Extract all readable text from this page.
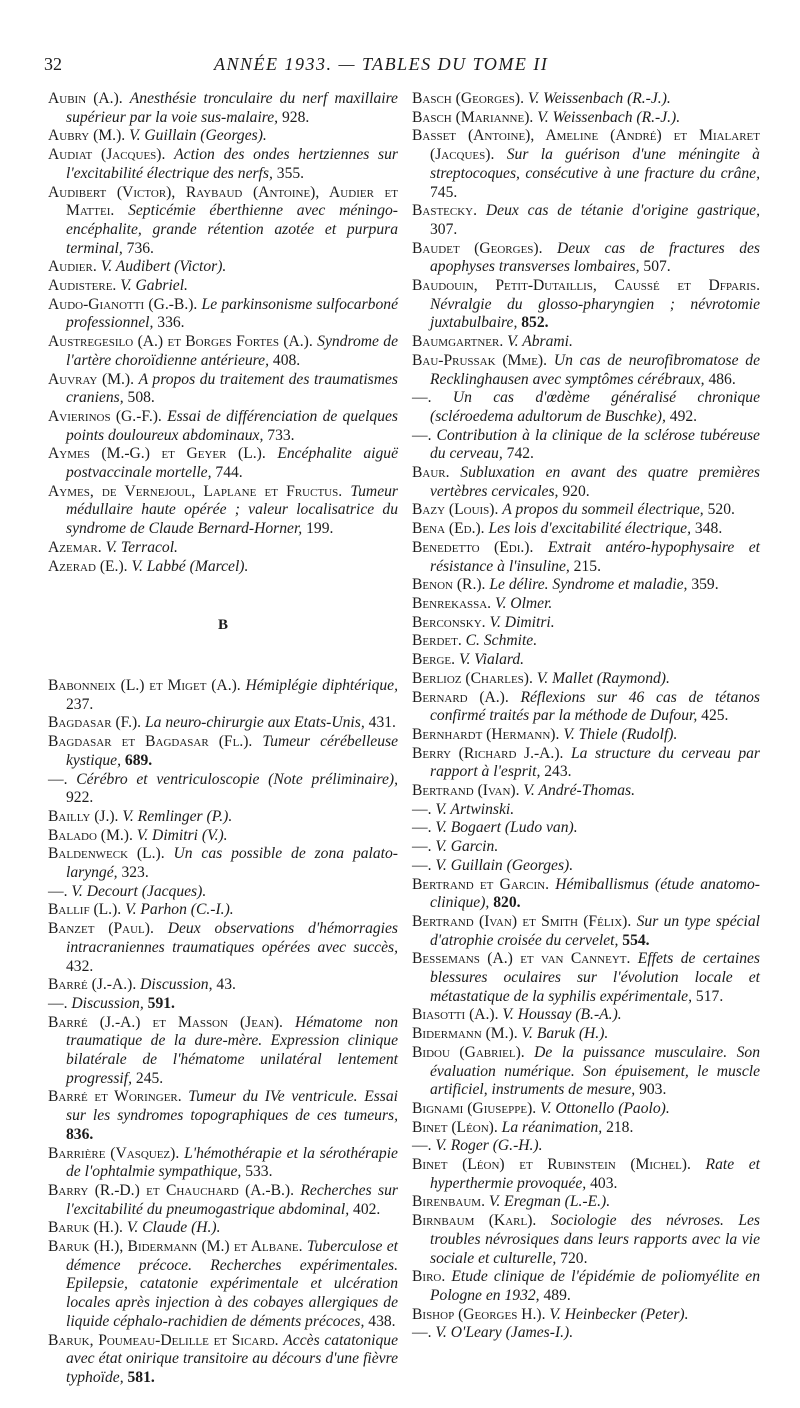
32	ANNÉE 1933. — TABLES DU TOME II
Aubin (A.). Anesthésie tronculaire du nerf maxillaire supérieur par la voie sus-malaire, 928.
Aubry (M.). V. Guillain (Georges).
Audiat (Jacques). Action des ondes hertziennes sur l'excitabilité électrique des nerfs, 355.
Audibert (Victor), Raybaud (Antoine), Audier et Mattei. Septicémie éberthienne avec méningo-encéphalite, grande rétention azotée et purpura terminal, 736.
Audier. V. Audibert (Victor).
Audistere. V. Gabriel.
Audo-Gianotti (G.-B.). Le parkinsonisme sulfocarboné professionnel, 336.
Austregesilo (A.) et Borges Fortes (A.). Syndrome de l'artère choroïdienne antérieure, 408.
Auvray (M.). A propos du traitement des traumatismes craniens, 508.
Avierinos (G.-F.). Essai de différenciation de quelques points douloureux abdominaux, 733.
Aymes (M.-G.) et Geyer (L.). Encéphalite aiguë postvaccinale mortelle, 744.
Aymes, de Vernejoul, Laplane et Fructus. Tumeur médullaire haute opérée ; valeur localisatrice du syndrome de Claude Bernard-Horner, 199.
Azemar. V. Terracol.
Azerad (E.). V. Labbé (Marcel).
B
Babonneix (L.) et Miget (A.). Hémiplégie diphtérique, 237.
Bagdasar (F.). La neuro-chirurgie aux Etats-Unis, 431.
Bagdasar et Bagdasar (Fl.). Tumeur cérébelleuse kystique, 689.
—. Cérébro et ventriculoscopie (Note préliminaire), 922.
Bailly (J.). V. Remlinger (P.).
Balado (M.). V. Dimitri (V.).
Baldenweck (L.). Un cas possible de zona palato-laryngé, 323.
—. V. Decourt (Jacques).
Ballif (L.). V. Parhon (C.-I.).
Banzet (Paul). Deux observations d'hémorragies intracraniennes traumatiques opérées avec succès, 432.
Barré (J.-A.). Discussion, 43.
—. Discussion, 591.
Barré (J.-A.) et Masson (Jean). Hématome non traumatique de la dure-mère. Expression clinique bilatérale de l'hématome unilatéral lentement progressif, 245.
Barré et Woringer. Tumeur du IVe ventricule. Essai sur les syndromes topographiques de ces tumeurs, 836.
Barrière (Vasquez). L'hémothérapie et la sérothérapie de l'ophtalmie sympathique, 533.
Barry (R.-D.) et Chauchard (A.-B.). Recherches sur l'excitabilité du pneumogastrique abdominal, 402.
Baruk (H.). V. Claude (H.).
Baruk (H.), Bidermann (M.) et Albane. Tuberculose et démence précoce. Recherches expérimentales. Epilepsie, catatonie expérimentale et ulcération locales après injection à des cobayes allergiques de liquide céphalo-rachidien de déments précoces, 438.
Baruk, Poumeau-Delille et Sicard. Accès catatonique avec état onirique transitoire au décours d'une fièvre typhoïde, 581.
Basch (Georges). V. Weissenbach (R.-J.).
Basch (Marianne). V. Weissenbach (R.-J.).
Basset (Antoine), Ameline (André) et Mialaret (Jacques). Sur la guérison d'une méningite à streptocoques, consécutive à une fracture du crâne, 745.
Bastecky. Deux cas de tétanie d'origine gastrique, 307.
Baudet (Georges). Deux cas de fractures des apophyses transverses lombaires, 507.
Baudouin, Petit-Dutaillis, Caussé et Dfparis. Névralgie du glosso-pharyngien ; névrotomie juxtabulbaire, 852.
Baumgartner. V. Abrami.
Bau-Prussak (Mme). Un cas de neurofibromatose de Recklinghausen avec symptômes cérébraux, 486.
—. Un cas d'œdème généralisé chronique (scléroedema adultorum de Buschke), 492.
—. Contribution à la clinique de la sclérose tubéreuse du cerveau, 742.
Baur. Subluxation en avant des quatre premières vertèbres cervicales, 920.
Bazy (Louis). A propos du sommeil électrique, 520.
Bena (Ed.). Les lois d'excitabilité électrique, 348.
Benedetto (Edi.). Extrait antéro-hypophysaire et résistance à l'insuline, 215.
Benon (R.). Le délire. Syndrome et maladie, 359.
Benrekassa. V. Olmer.
Berconsky. V. Dimitri.
Berdet. C. Schmite.
Berge. V. Vialard.
Berlioz (Charles). V. Mallet (Raymond).
Bernard (A.). Réflexions sur 46 cas de tétanos confirmé traités par la méthode de Dufour, 425.
Bernhardt (Hermann). V. Thiele (Rudolf).
Berry (Richard J.-A.). La structure du cerveau par rapport à l'esprit, 243.
Bertrand (Ivan). V. André-Thomas.
—. V. Artwinski.
—. V. Bogaert (Ludo van).
—. V. Garcin.
—. V. Guillain (Georges).
Bertrand et Garcin. Hémiballismus (étude anatomo-clinique), 820.
Bertrand (Ivan) et Smith (Félix). Sur un type spécial d'atrophie croisée du cervelet, 554.
Bessemans (A.) et van Canneyt. Effets de certaines blessures oculaires sur l'évolution locale et métastatique de la syphilis expérimentale, 517.
Biasotti (A.). V. Houssay (B.-A.).
Bidermann (M.). V. Baruk (H.).
Bidou (Gabriel). De la puissance musculaire. Son évaluation numérique. Son épuisement, le muscle artificiel, instruments de mesure, 903.
Bignami (Giuseppe). V. Ottonello (Paolo).
Binet (Léon). La réanimation, 218.
—. V. Roger (G.-H.).
Binet (Léon) et Rubinstein (Michel). Rate et hyperthermie provoquée, 403.
Birenbaum. V. Eregman (L.-E.).
Birnbaum (Karl). Sociologie des névroses. Les troubles névrosiques dans leurs rapports avec la vie sociale et culturelle, 720.
Biro. Etude clinique de l'épidémie de poliomyélite en Pologne en 1932, 489.
Bishop (Georges H.). V. Heinbecker (Peter).
—. V. O'Leary (James-I.).
